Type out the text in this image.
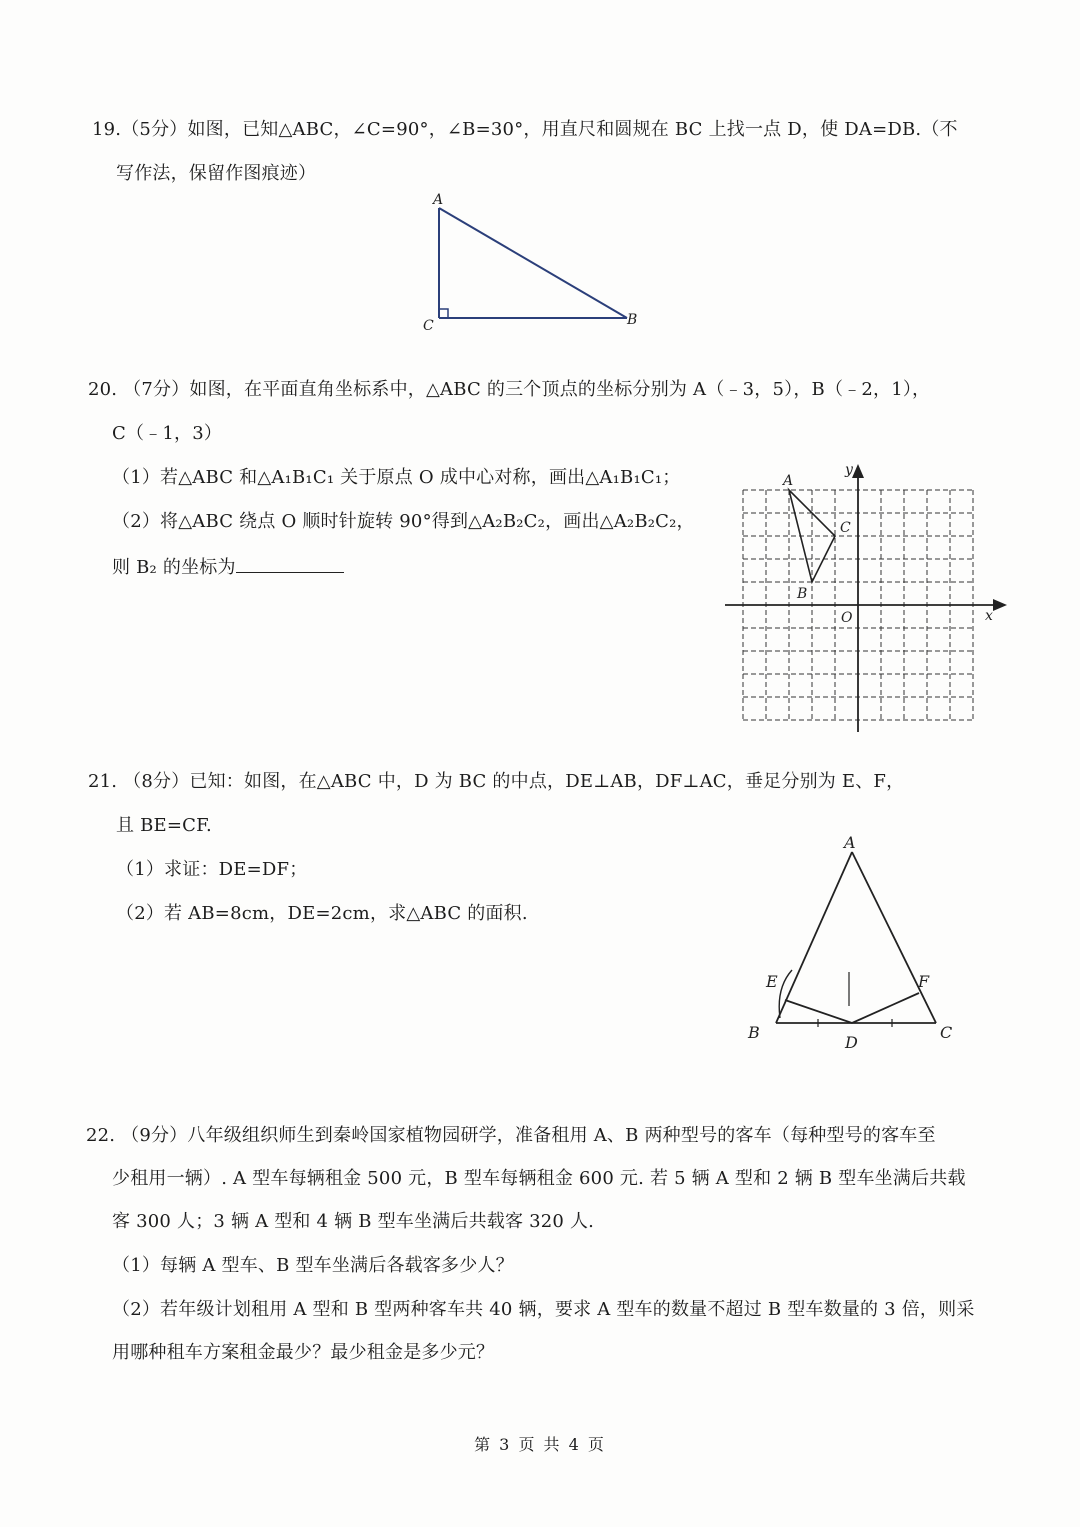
19.（5分）如图，已知△ABC，∠C=90°，∠B=30°，用直尺和圆规在 BC 上找一点 D，使 DA=DB.（不
写作法，保留作图痕迹）
A
C	B
20. （7分）如图，在平面直角坐标系中，△ABC 的三个顶点的坐标分别为 A（﹣3，5），B（﹣2，1），
C（﹣1，3）
（1）若△ABC 和△A₁B₁C₁ 关于原点 O 成中心对称，画出△A₁B₁C₁；
（2）将△ABC 绕点 O 顺时针旋转 90°得到△A₂B₂C₂，画出△A₂B₂C₂，
则 B₂ 的坐标为
A
B
C
O	x
y
21. （8分）已知：如图，在△ABC 中，D 为 BC 的中点，DE⊥AB，DF⊥AC，垂足分别为 E、F，
且 BE=CF.
（1）求证：DE=DF；
（2）若 AB=8cm，DE=2cm，求△ABC 的面积.
A
B	C
D
E	F
22. （9分）八年级组织师生到秦岭国家植物园研学，准备租用 A、B 两种型号的客车（每种型号的客车至
少租用一辆）. A 型车每辆租金 500 元，B 型车每辆租金 600 元. 若 5 辆 A 型和 2 辆 B 型车坐满后共载
客 300 人；3 辆 A 型和 4 辆 B 型车坐满后共载客 320 人.
（1）每辆 A 型车、B 型车坐满后各载客多少人？
（2）若年级计划租用 A 型和 B 型两种客车共 40 辆，要求 A 型车的数量不超过 B 型车数量的 3 倍，则采
用哪种租车方案租金最少？最少租金是多少元？
第 3 页 共 4 页
